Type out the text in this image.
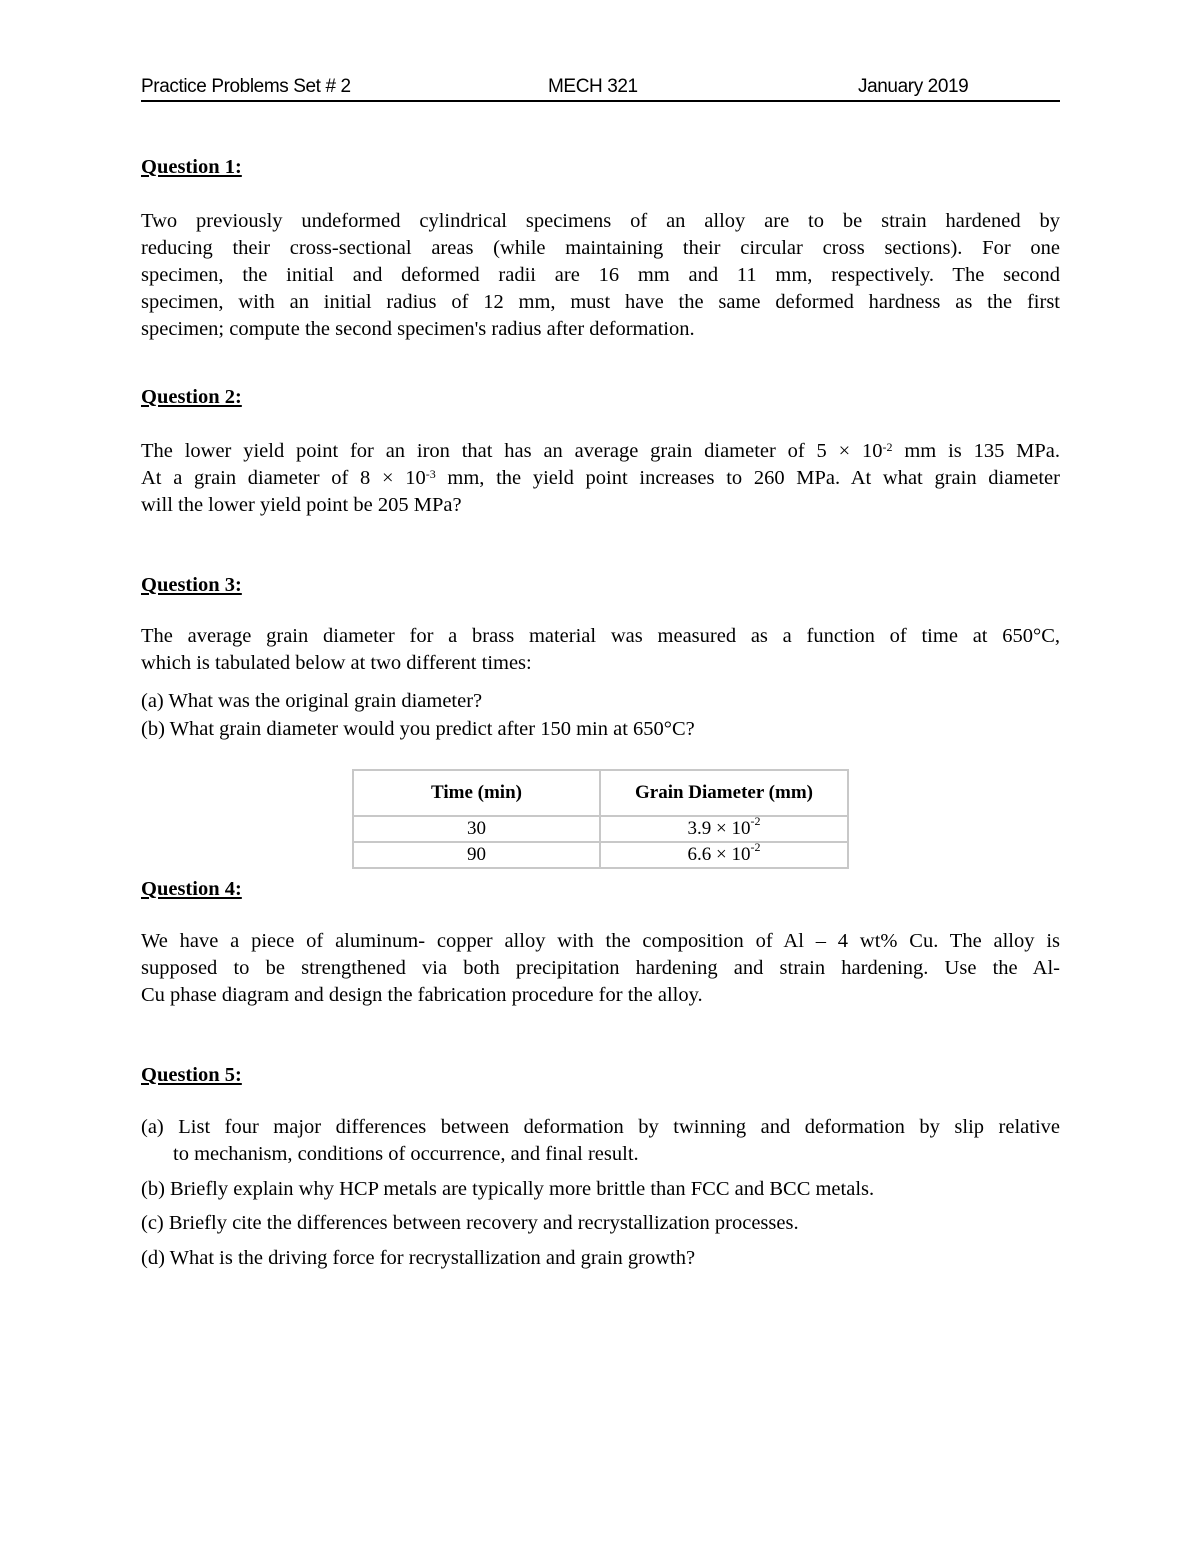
Practice Problems Set # 2	MECH 321	January 2019
Question 1:
Two previously undeformed cylindrical specimens of an alloy are to be strain hardened by
reducing their cross-sectional areas (while maintaining their circular cross sections). For one
specimen, the initial and deformed radii are 16 mm and 11 mm, respectively. The second
specimen, with an initial radius of 12 mm, must have the same deformed hardness as the first
specimen; compute the second specimen's radius after deformation.
Question 2:
The lower yield point for an iron that has an average grain diameter of $5 \times 10^{-2}$ mm is 135 MPa.
At a grain diameter of $8 \times 10^{-3}$ mm, the yield point increases to 260 MPa. At what grain diameter
will the lower yield point be 205 MPa?
Question 3:
The average grain diameter for a brass material was measured as a function of time at 650°C,
which is tabulated below at two different times:
(a) What was the original grain diameter?
(b) What grain diameter would you predict after 150 min at 650°C?
Time (min)	Grain Diameter (mm)
30	$3.9 \times 10^{-2}$
90	$6.6 \times 10^{-2}$
Question 4:
We have a piece of aluminum- copper alloy with the composition of Al – 4 wt% Cu. The alloy is
supposed to be strengthened via both precipitation hardening and strain hardening. Use the Al-
Cu phase diagram and design the fabrication procedure for the alloy.
Question 5:
(a) List four major differences between deformation by twinning and deformation by slip relative
to mechanism, conditions of occurrence, and final result.
(b) Briefly explain why HCP metals are typically more brittle than FCC and BCC metals.
(c) Briefly cite the differences between recovery and recrystallization processes.
(d) What is the driving force for recrystallization and grain growth?
